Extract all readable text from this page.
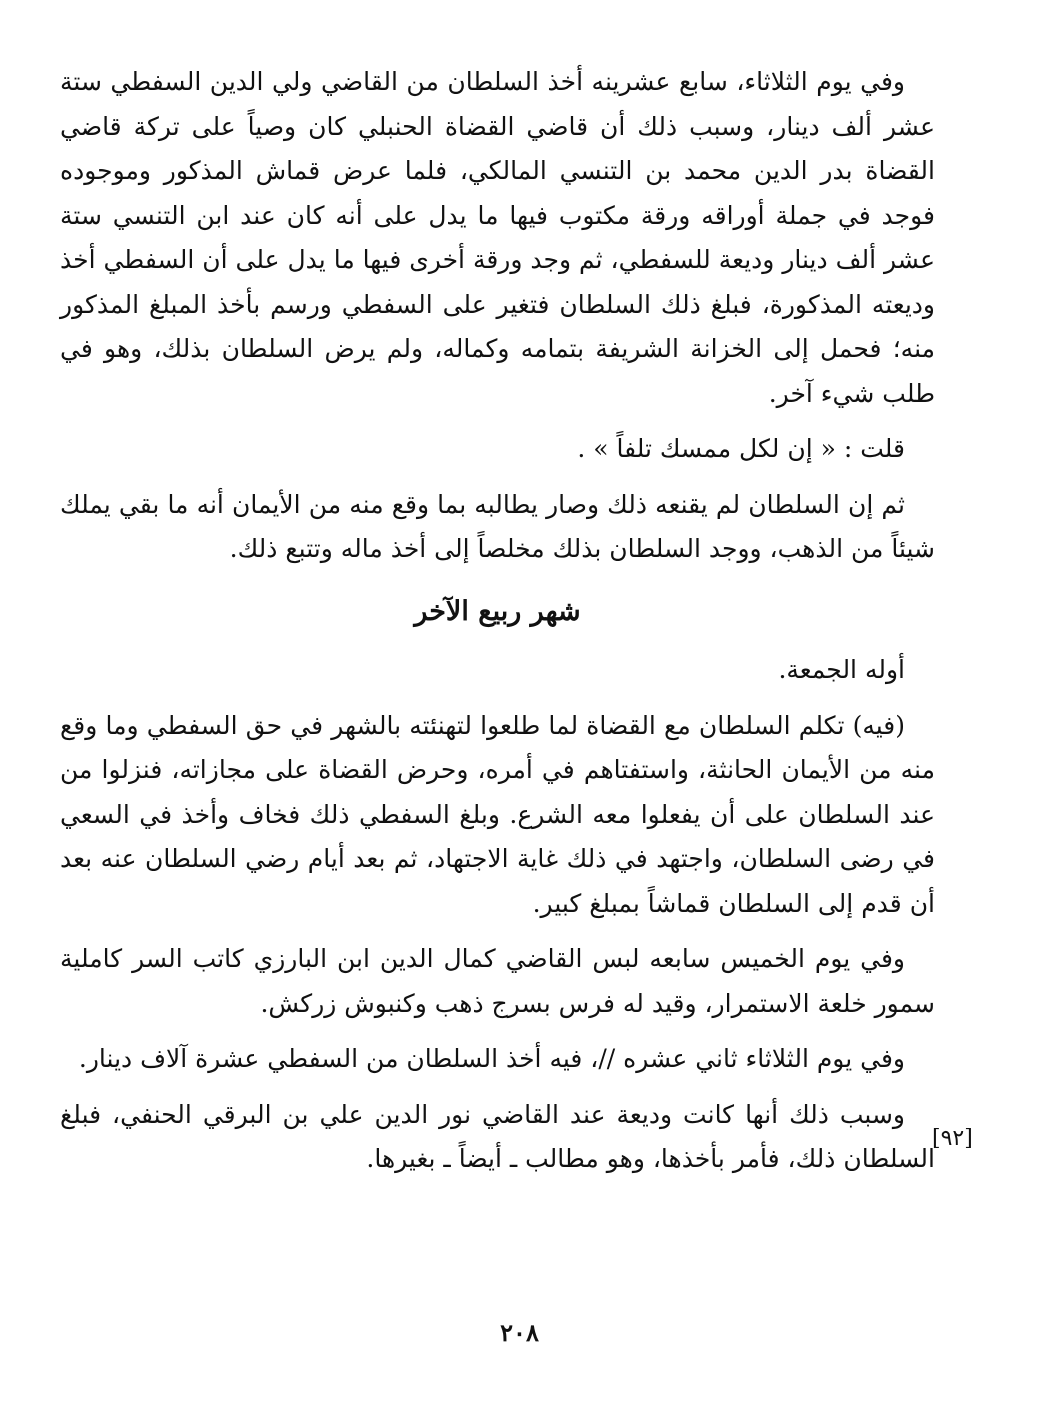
وفي يوم الثلاثاء، سابع عشرينه أخذ السلطان من القاضي ولي الدين السفطي ستة عشر ألف دينار، وسبب ذلك أن قاضي القضاة الحنبلي كان وصياً على تركة قاضي القضاة بدر الدين محمد بن التنسي المالكي، فلما عرض قماش المذكور وموجوده فوجد في جملة أوراقه ورقة مكتوب فيها ما يدل على أنه كان عند ابن التنسي ستة عشر ألف دينار وديعة للسفطي، ثم وجد ورقة أخرى فيها ما يدل على أن السفطي أخذ وديعته المذكورة، فبلغ ذلك السلطان فتغير على السفطي ورسم بأخذ المبلغ المذكور منه؛ فحمل إلى الخزانة الشريفة بتمامه وكماله، ولم يرض السلطان بذلك، وهو في طلب شيء آخر.

قلت : « إن لكل ممسك تلفاً » .

ثم إن السلطان لم يقنعه ذلك وصار يطالبه بما وقع منه من الأيمان أنه ما بقي يملك شيئاً من الذهب، ووجد السلطان بذلك مخلصاً إلى أخذ ماله وتتبع ذلك.

شهر ربيع الآخر

أوله الجمعة.

(فيه) تكلم السلطان مع القضاة لما طلعوا لتهنئته بالشهر في حق السفطي وما وقع منه من الأيمان الحانثة، واستفتاهم في أمره، وحرض القضاة على مجازاته، فنزلوا من عند السلطان على أن يفعلوا معه الشرع. وبلغ السفطي ذلك فخاف وأخذ في السعي في رضى السلطان، واجتهد في ذلك غاية الاجتهاد، ثم بعد أيام رضي السلطان عنه بعد أن قدم إلى السلطان قماشاً بمبلغ كبير.

وفي يوم الخميس سابعه لبس القاضي كمال الدين ابن البارزي كاتب السر كاملية سمور خلعة الاستمرار، وقيد له فرس بسرج ذهب وكنبوش زركش.

وفي يوم الثلاثاء ثاني عشره //، فيه أخذ السلطان من السفطي عشرة آلاف دينار.

وسبب ذلك أنها كانت وديعة عند القاضي نور الدين علي بن البرقي الحنفي، فبلغ السلطان ذلك، فأمر بأخذها، وهو مطالب ـ أيضاً ـ بغيرها.

[٩٢]
٢٠٨
